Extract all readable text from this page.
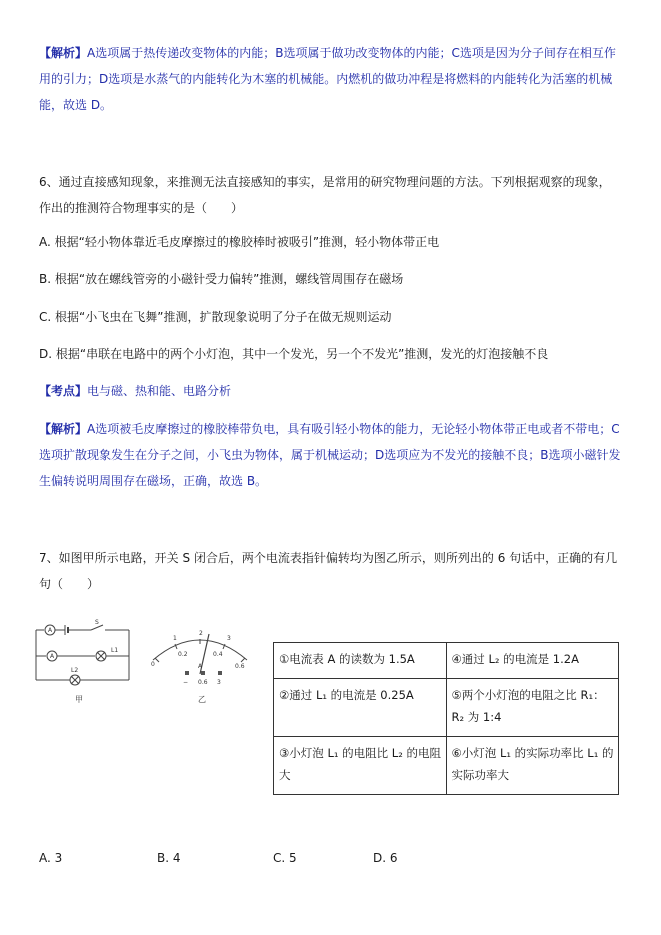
【解析】A选项属于热传递改变物体的内能；B选项属于做功改变物体的内能；C选项是因为分子间存在相互作用的引力；D选项是水蒸气的内能转化为木塞的机械能。内燃机的做功冲程是将燃料的内能转化为活塞的机械能，故选 D。
6、通过直接感知现象，来推测无法直接感知的事实，是常用的研究物理问题的方法。下列根据观察的现象，作出的推测符合物理事实的是（　　）
A. 根据“轻小物体靠近毛皮摩擦过的橡胶棒时被吸引”推测，轻小物体带正电
B. 根据“放在螺线管旁的小磁针受力偏转”推测，螺线管周围存在磁场
C. 根据“小飞虫在飞舞”推测，扩散现象说明了分子在做无规则运动
D. 根据“串联在电路中的两个小灯泡，其中一个发光，另一个不发光”推测，发光的灯泡接触不良
【考点】电与磁、热和能、电路分析
【解析】A选项被毛皮摩擦过的橡胶棒带负电，具有吸引轻小物体的能力，无论轻小物体带正电或者不带电；C选项扩散现象发生在分子之间，小飞虫为物体，属于机械运动；D选项应为不发光的接触不良；B选项小磁针发生偏转说明周围存在磁场，正确，故选 B。
7、如图甲所示电路，开关 S 闭合后，两个电流表指针偏转均为图乙所示，则所列出的 6 句话中，正确的有几句（　　）
A
A
S
L1
L2
甲
0
1
2
3
0.2	0.4
0.6
A
− 0.6 3
乙
①电流表 A 的读数为 1.5A	④通过 L₂ 的电流是 1.2A
②通过 L₁ 的电流是 0.25A	⑤两个小灯泡的电阻之比 R₁：R₂ 为 1:4
③小灯泡 L₁ 的电阻比 L₂ 的电阻大	⑥小灯泡 L₁ 的实际功率比 L₁ 的实际功率大
A. 3	B. 4	C. 5	D. 6
